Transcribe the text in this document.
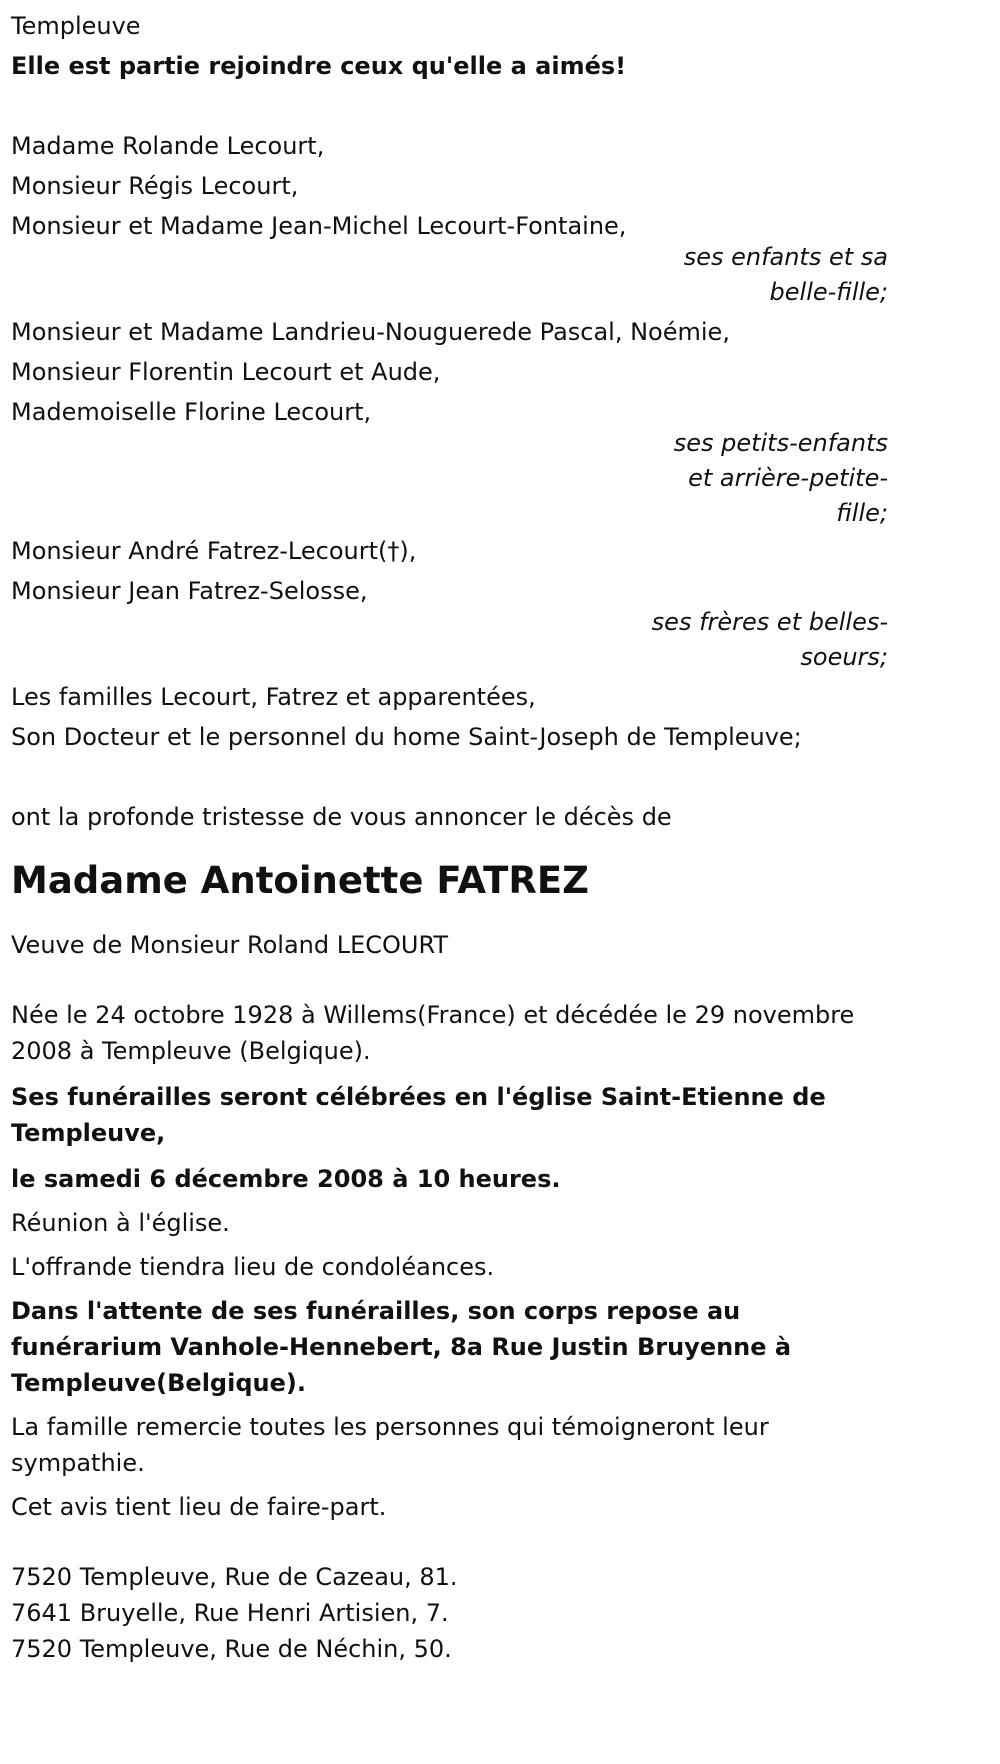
Templeuve
Elle est partie rejoindre ceux qu'elle a aimés!
Madame Rolande Lecourt,
Monsieur Régis Lecourt,
Monsieur et Madame Jean-Michel Lecourt-Fontaine,
ses enfants et sa
belle-fille;
Monsieur et Madame Landrieu-Nouguerede Pascal, Noémie,
Monsieur Florentin Lecourt et Aude,
Mademoiselle Florine Lecourt,
ses petits-enfants
et arrière-petite-
fille;
Monsieur André Fatrez-Lecourt(†),
Monsieur Jean Fatrez-Selosse,
ses frères et belles-
soeurs;
Les familles Lecourt, Fatrez et apparentées,
Son Docteur et le personnel du home Saint-Joseph de Templeuve;
ont la profonde tristesse de vous annoncer le décès de
Madame Antoinette FATREZ
Veuve de Monsieur Roland LECOURT
Née le 24 octobre 1928 à Willems(France) et décédée le 29 novembre 2008 à Templeuve (Belgique).
Ses funérailles seront célébrées en l'église Saint-Etienne de Templeuve,
le samedi 6 décembre 2008 à 10 heures.
Réunion à l'église.
L'offrande tiendra lieu de condoléances.
Dans l'attente de ses funérailles, son corps repose au funérarium Vanhole-Hennebert, 8a Rue Justin Bruyenne à Templeuve(Belgique).
La famille remercie toutes les personnes qui témoigneront leur sympathie.
Cet avis tient lieu de faire-part.
7520 Templeuve, Rue de Cazeau, 81.
7641 Bruyelle, Rue Henri Artisien, 7.
7520 Templeuve, Rue de Néchin, 50.
